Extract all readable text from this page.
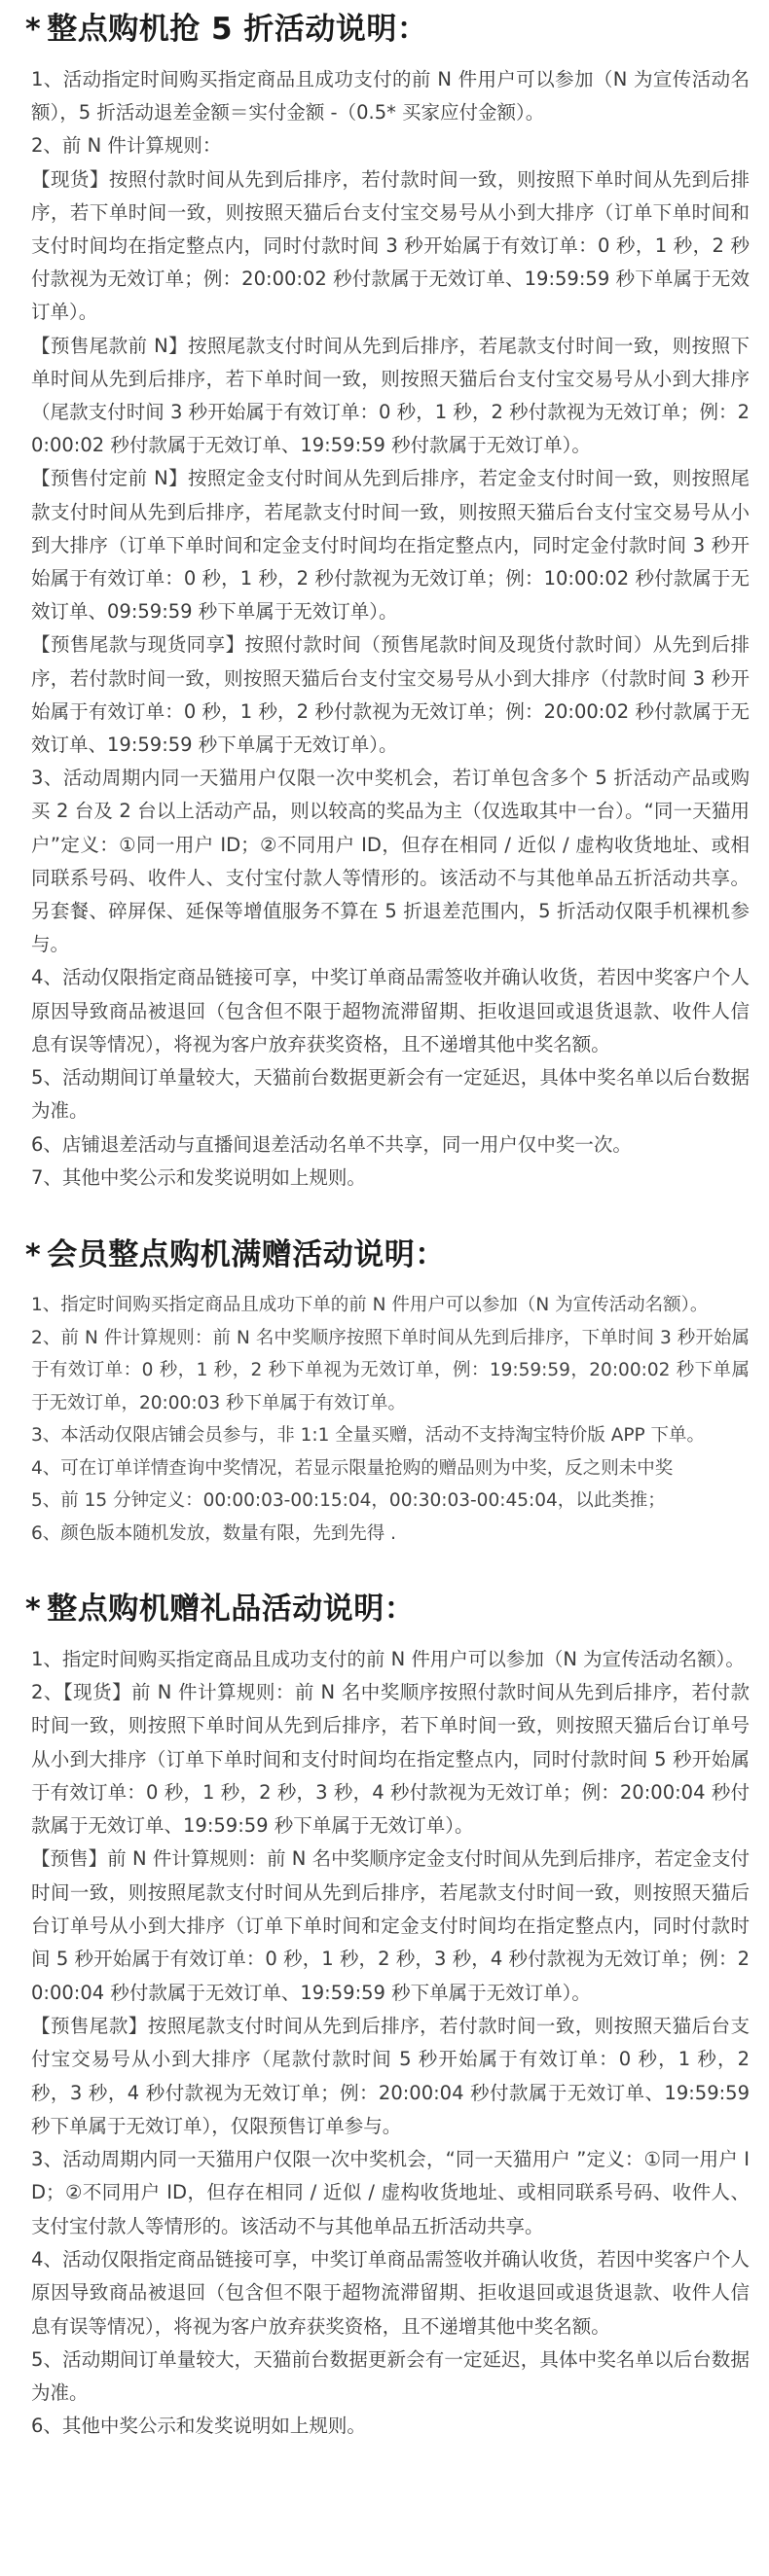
* 整点购机抢 5 折活动说明：

1、活动指定时间购买指定商品且成功支付的前 N 件用户可以参加（N 为宣传活动名额），5 折活动退差金额＝实付金额 -（0.5* 买家应付金额）。

2、前 N 件计算规则：

【现货】按照付款时间从先到后排序，若付款时间一致，则按照下单时间从先到后排序，若下单时间一致，则按照天猫后台支付宝交易号从小到大排序（订单下单时间和支付时间均在指定整点内，同时付款时间 3 秒开始属于有效订单：0 秒，1 秒，2 秒付款视为无效订单；例：20:00:02 秒付款属于无效订单、19:59:59 秒下单属于无效订单）。

【预售尾款前 N】按照尾款支付时间从先到后排序，若尾款支付时间一致，则按照下单时间从先到后排序，若下单时间一致，则按照天猫后台支付宝交易号从小到大排序（尾款支付时间 3 秒开始属于有效订单：0 秒，1 秒，2 秒付款视为无效订单；例：20:00:02 秒付款属于无效订单、19:59:59 秒付款属于无效订单）。

【预售付定前 N】按照定金支付时间从先到后排序，若定金支付时间一致，则按照尾款支付时间从先到后排序，若尾款支付时间一致，则按照天猫后台支付宝交易号从小到大排序（订单下单时间和定金支付时间均在指定整点内，同时定金付款时间 3 秒开始属于有效订单：0 秒，1 秒，2 秒付款视为无效订单；例：10:00:02 秒付款属于无效订单、09:59:59 秒下单属于无效订单）。

【预售尾款与现货同享】按照付款时间（预售尾款时间及现货付款时间）从先到后排序，若付款时间一致，则按照天猫后台支付宝交易号从小到大排序（付款时间 3 秒开始属于有效订单：0 秒，1 秒，2 秒付款视为无效订单；例：20:00:02 秒付款属于无效订单、19:59:59 秒下单属于无效订单）。

3、活动周期内同一天猫用户仅限一次中奖机会，若订单包含多个 5 折活动产品或购买 2 台及 2 台以上活动产品，则以较高的奖品为主（仅选取其中一台）。“同一天猫用户”定义：①同一用户 ID；②不同用户 ID，但存在相同 / 近似 / 虚构收货地址、或相同联系号码、收件人、支付宝付款人等情形的。该活动不与其他单品五折活动共享。另套餐、碎屏保、延保等增值服务不算在 5 折退差范围内，5 折活动仅限手机裸机参与。

4、活动仅限指定商品链接可享，中奖订单商品需签收并确认收货，若因中奖客户个人原因导致商品被退回（包含但不限于超物流滞留期、拒收退回或退货退款、收件人信息有误等情况），将视为客户放弃获奖资格，且不递增其他中奖名额。

5、活动期间订单量较大，天猫前台数据更新会有一定延迟，具体中奖名单以后台数据为准。

6、店铺退差活动与直播间退差活动名单不共享，同一用户仅中奖一次。

7、其他中奖公示和发奖说明如上规则。

* 会员整点购机满赠活动说明：

1、指定时间购买指定商品且成功下单的前 N 件用户可以参加（N 为宣传活动名额）。

2、前 N 件计算规则：前 N 名中奖顺序按照下单时间从先到后排序，下单时间 3 秒开始属于有效订单：0 秒，1 秒，2 秒下单视为无效订单，例：19:59:59，20:00:02 秒下单属于无效订单，20:00:03 秒下单属于有效订单。

3、本活动仅限店铺会员参与，非 1:1 全量买赠，活动不支持淘宝特价版 APP 下单。

4、可在订单详情查询中奖情况，若显示限量抢购的赠品则为中奖，反之则未中奖

5、前 15 分钟定义：00:00:03-00:15:04，00:30:03-00:45:04，以此类推；

6、颜色版本随机发放，数量有限，先到先得 .

* 整点购机赠礼品活动说明：

1、指定时间购买指定商品且成功支付的前 N 件用户可以参加（N 为宣传活动名额）。

2、【现货】前 N 件计算规则：前 N 名中奖顺序按照付款时间从先到后排序，若付款时间一致，则按照下单时间从先到后排序，若下单时间一致，则按照天猫后台订单号从小到大排序（订单下单时间和支付时间均在指定整点内，同时付款时间 5 秒开始属于有效订单：0 秒，1 秒，2 秒，3 秒，4 秒付款视为无效订单；例：20:00:04 秒付款属于无效订单、19:59:59 秒下单属于无效订单）。

【预售】前 N 件计算规则：前 N 名中奖顺序定金支付时间从先到后排序，若定金支付时间一致，则按照尾款支付时间从先到后排序，若尾款支付时间一致，则按照天猫后台订单号从小到大排序（订单下单时间和定金支付时间均在指定整点内，同时付款时间 5 秒开始属于有效订单：0 秒，1 秒，2 秒，3 秒，4 秒付款视为无效订单；例：20:00:04 秒付款属于无效订单、19:59:59 秒下单属于无效订单）。

【预售尾款】按照尾款支付时间从先到后排序，若付款时间一致，则按照天猫后台支付宝交易号从小到大排序（尾款付款时间 5 秒开始属于有效订单：0 秒，1 秒，2 秒，3 秒，4 秒付款视为无效订单；例：20:00:04 秒付款属于无效订单、19:59:59 秒下单属于无效订单），仅限预售订单参与。

3、活动周期内同一天猫用户仅限一次中奖机会，“同一天猫用户 ”定义：①同一用户 ID；②不同用户 ID，但存在相同 / 近似 / 虚构收货地址、或相同联系号码、收件人、支付宝付款人等情形的。该活动不与其他单品五折活动共享。

4、活动仅限指定商品链接可享，中奖订单商品需签收并确认收货，若因中奖客户个人原因导致商品被退回（包含但不限于超物流滞留期、拒收退回或退货退款、收件人信息有误等情况），将视为客户放弃获奖资格，且不递增其他中奖名额。

5、活动期间订单量较大，天猫前台数据更新会有一定延迟，具体中奖名单以后台数据为准。

6、其他中奖公示和发奖说明如上规则。
